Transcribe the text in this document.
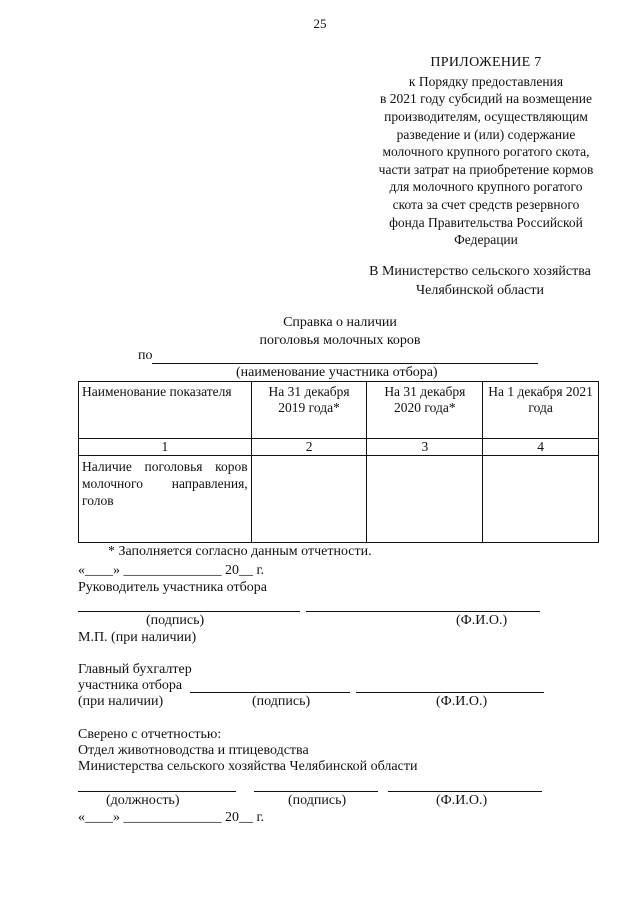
25
ПРИЛОЖЕНИЕ 7
к Порядку предоставления
в 2021 году субсидий на возмещение
производителям, осуществляющим
разведение и (или) содержание
молочного крупного рогатого скота,
части затрат на приобретение кормов
для молочного крупного рогатого
скота за счет средств резервного
фонда Правительства Российской
Федерации
В Министерство сельского хозяйства
Челябинской области
Справка о наличии
поголовья молочных коров
по
(наименование участника отбора)
Наименование показателя	На 31 декабря 2019 года*	На 31 декабря 2020 года*	На 1 декабря 2021 года
1	2	3	4
Наличие поголовья коров молочного направления, голов			
* Заполняется согласно данным отчетности.
«____» ______________ 20__ г.
Руководитель участника отбора
(подпись)	(Ф.И.О.)
М.П. (при наличии)
Главный бухгалтер
участника отбора
(при наличии)	(подпись)	(Ф.И.О.)
Сверено с отчетностью:
Отдел животноводства и птицеводства
Министерства сельского хозяйства Челябинской области
(должность)	(подпись)	(Ф.И.О.)
«____» ______________ 20__ г.
